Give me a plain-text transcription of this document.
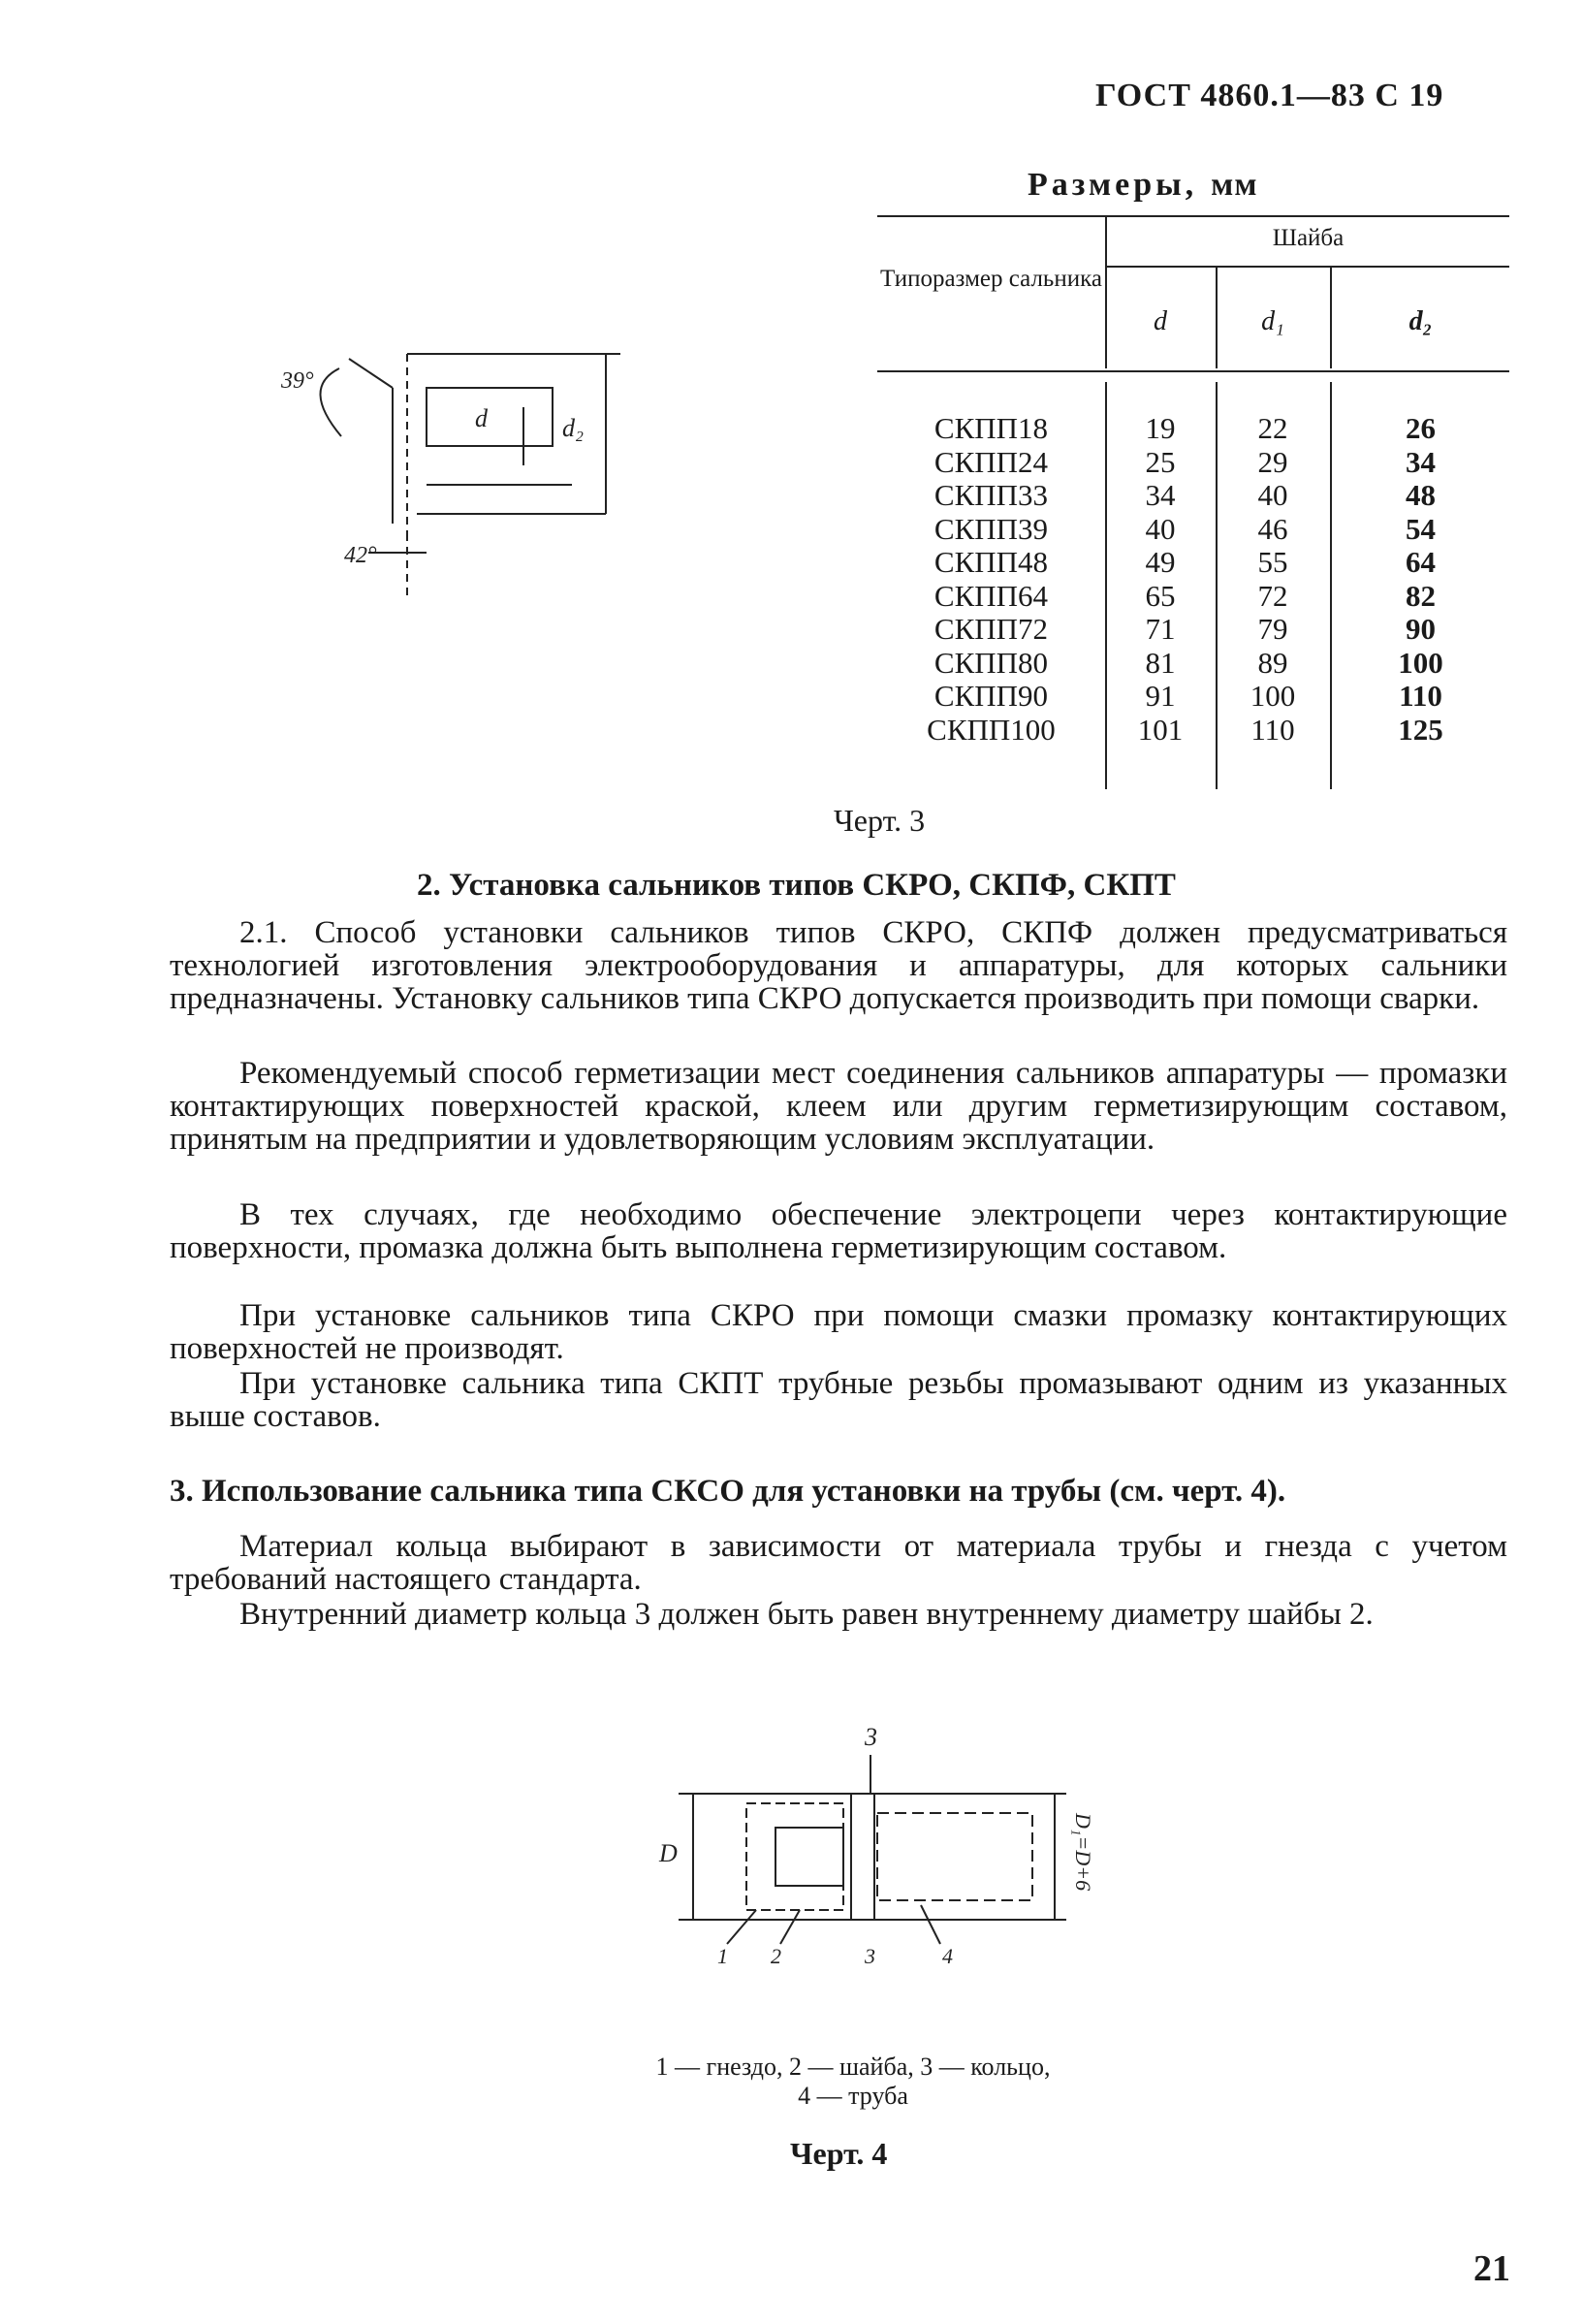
ГОСТ 4860.1—83 С 19
Размеры, мм
Типоразмер сальника
Шайба
d	d₁	d₂
СКПП18	19	22	26
СКПП24	25	29	34
СКПП33	34	40	48
СКПП39	40	46	54
СКПП48	49	55	64
СКПП64	65	72	82
СКПП72	71	79	90
СКПП80	81	89	100
СКПП90	91	100	110
СКПП100	101	110	125
39°
42°
d	d₂
Черт. 3
2. Установка сальников типов СКРО, СКПФ, СКПТ
2.1. Способ установки сальников типов СКРО, СКПФ должен предусматриваться технологией изготовления электрооборудования и аппаратуры, для которых сальники предназначены. Установку сальников типа СКРО допускается производить при помощи сварки.
Рекомендуемый способ герметизации мест соединения сальников аппаратуры — промазки контактирующих поверхностей краской, клеем или другим герметизирующим составом, принятым на предприятии и удовлетворяющим условиям эксплуатации.
В тех случаях, где необходимо обеспечение электроцепи через контактирующие поверхности, промазка должна быть выполнена герметизирующим составом.
При установке сальников типа СКРО при помощи смазки промазку контактирующих поверхностей не производят.
При установке сальника типа СКПТ трубные резьбы промазывают одним из указанных выше составов.
3. Использование сальника типа СКСО для установки на трубы (см. черт. 4).
Материал кольца выбирают в зависимости от материала трубы и гнезда с учетом требований настоящего стандарта.
Внутренний диаметр кольца 3 должен быть равен внутреннему диаметру шайбы 2.
3
D	D₁=D+6
1 2	3	4
1 — гнездо, 2 — шайба, 3 — кольцо,
4 — труба
Черт. 4
21
